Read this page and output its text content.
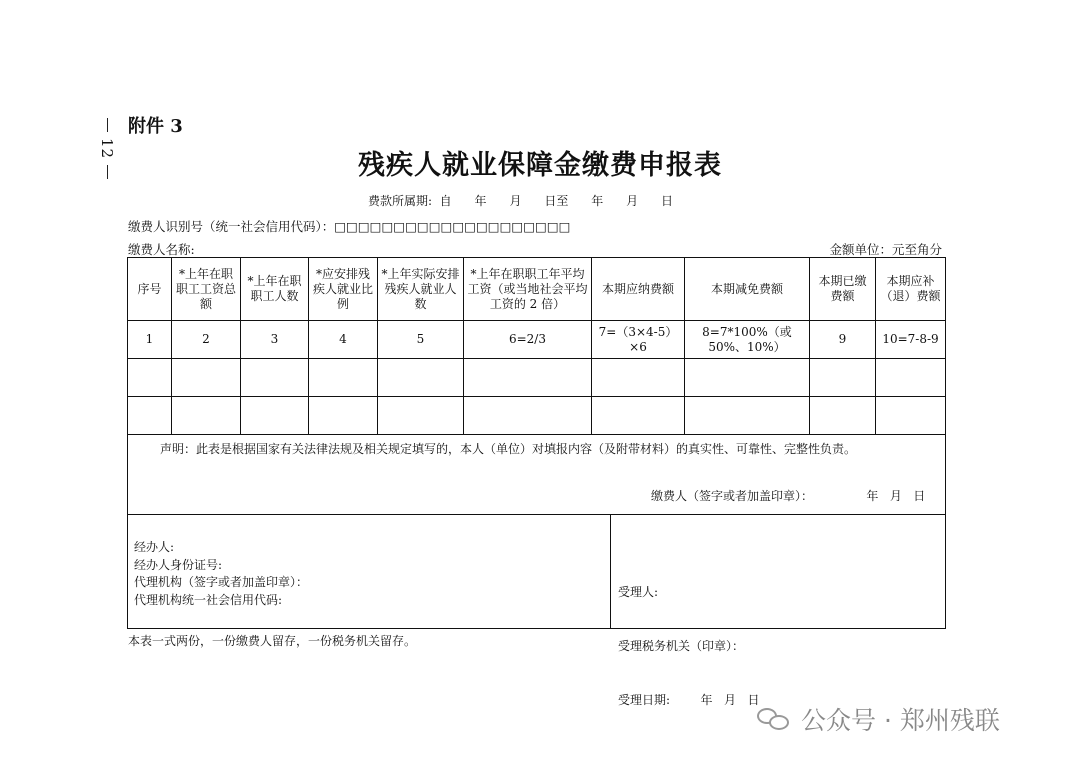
12
附件 3
残疾人就业保障金缴费申报表
费款所属期:  自      年      月      日至      年      月      日
缴费人识别号（统一社会信用代码）：□□□□□□□□□□□□□□□□□□□□
缴费人名称:	金额单位：元至角分
序号	*上年在职职工工资总额	*上年在职职工人数	*应安排残疾人就业比例	*上年实际安排残疾人就业人数	*上年在职职工年平均工资（或当地社会平均工资的 2 倍）	本期应纳费额	本期减免费额	本期已缴费额	本期应补（退）费额
1	2	3	4	5	6=2/3	7=（3×4-5）×6	8=7*100%（或 50%、10%）	9	10=7-8-9

声明：此表是根据国家有关法律法规及相关规定填写的，本人（单位）对填报内容（及附带材料）的真实性、可靠性、完整性负责。
缴费人（签字或者加盖印章）：              年   月   日
经办人:
经办人身份证号:
代理机构（签字或者加盖印章）：
代理机构统一社会信用代码:

受理人:

受理税务机关（印章）：

受理日期:        年   月   日

本表一式两份，一份缴费人留存，一份税务机关留存。
公众号 · 郑州残联
